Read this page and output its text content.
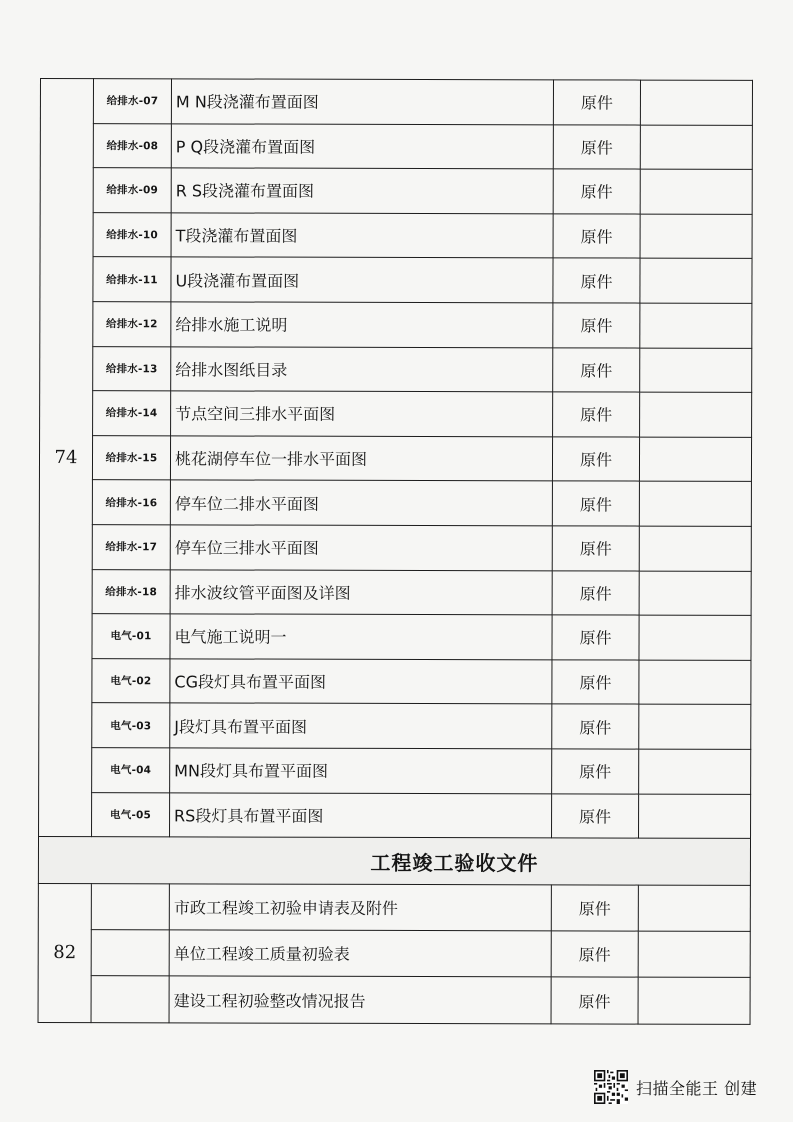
74	给排水-07	M N段浇灌布置面图	原件	
	给排水-08	P Q段浇灌布置面图	原件	
	给排水-09	R S段浇灌布置面图	原件	
	给排水-10	T段浇灌布置面图	原件	
	给排水-11	U段浇灌布置面图	原件	
	给排水-12	给排水施工说明	原件	
	给排水-13	给排水图纸目录	原件	
	给排水-14	节点空间三排水平面图	原件	
	给排水-15	桃花湖停车位一排水平面图	原件	
	给排水-16	停车位二排水平面图	原件	
	给排水-17	停车位三排水平面图	原件	
	给排水-18	排水波纹管平面图及详图	原件	
	电气-01	电气施工说明一	原件	
	电气-02	CG段灯具布置平面图	原件	
	电气-03	J段灯具布置平面图	原件	
	电气-04	MN段灯具布置平面图	原件	
	电气-05	RS段灯具布置平面图	原件	
工程竣工验收文件				
82		市政工程竣工初验申请表及附件	原件	
		单位工程竣工质量初验表	原件	
		建设工程初验整改情况报告	原件	
扫描全能王 创建
